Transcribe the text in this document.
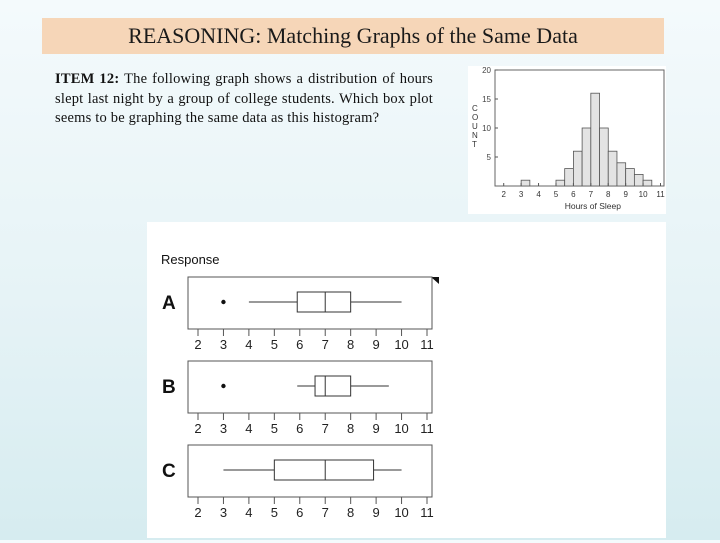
REASONING: Matching Graphs of the Same Data
ITEM 12: The following graph shows a distribution of hours slept last night by a group of college students. Which box plot seems to be graphing the same data as this histogram?
5
10
15
20
C
O
U
N
T
2 3 4 5 6 7 8 9 10 11
Hours of Sleep
Response
A
2 3 4 5 6 7 8 9 10 11
B
2 3 4 5 6 7 8 9 10 11
C
2 3 4 5 6 7 8 9 10 11
